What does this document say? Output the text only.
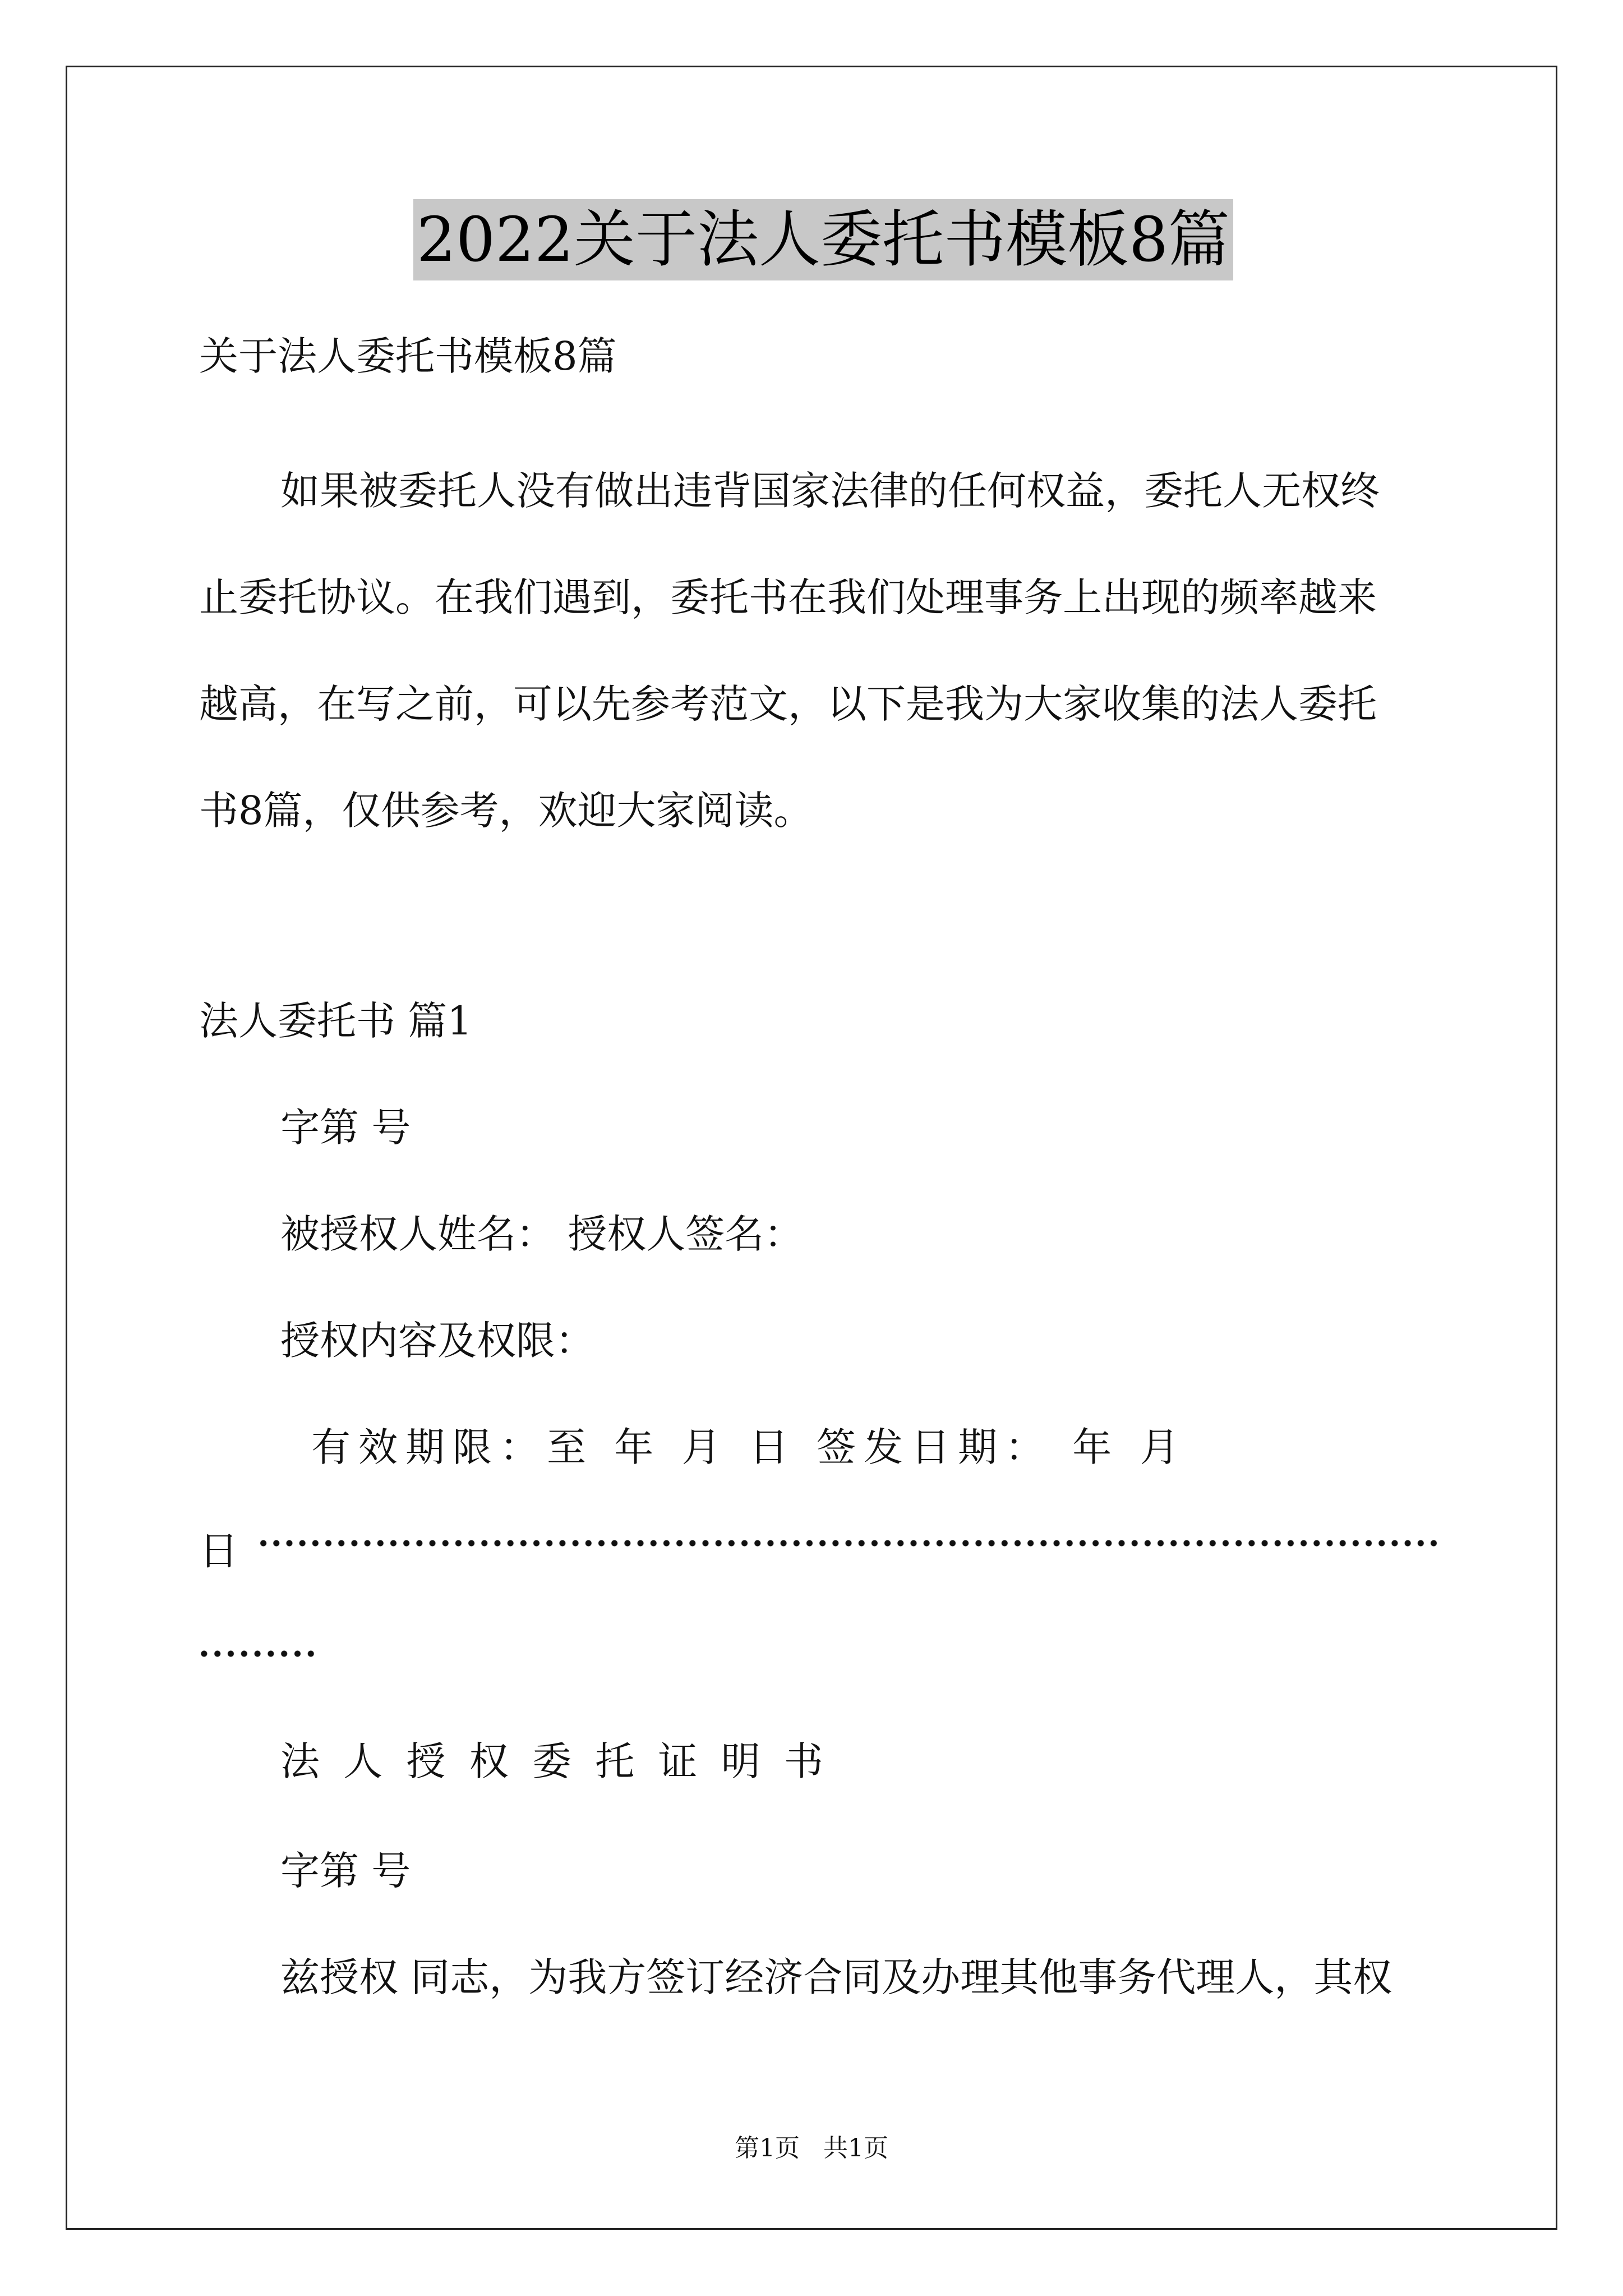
2022关于法人委托书模板8篇
关于法人委托书模板8篇
如果被委托人没有做出违背国家法律的任何权益，委托人无权终
止委托协议。在我们遇到，委托书在我们处理事务上出现的频率越来
越高，在写之前，可以先参考范文，以下是我为大家收集的法人委托
书8篇，仅供参考，欢迎大家阅读。
法人委托书 篇1
字第 号
被授权人姓名： 授权人签名：
授权内容及权限：
有效期限：至 年 月 日 签发日期： 年 月
日
法 人 授 权 委 托 证 明 书
字第 号
兹授权 同志，为我方签订经济合同及办理其他事务代理人，其权
第1页   共1页
